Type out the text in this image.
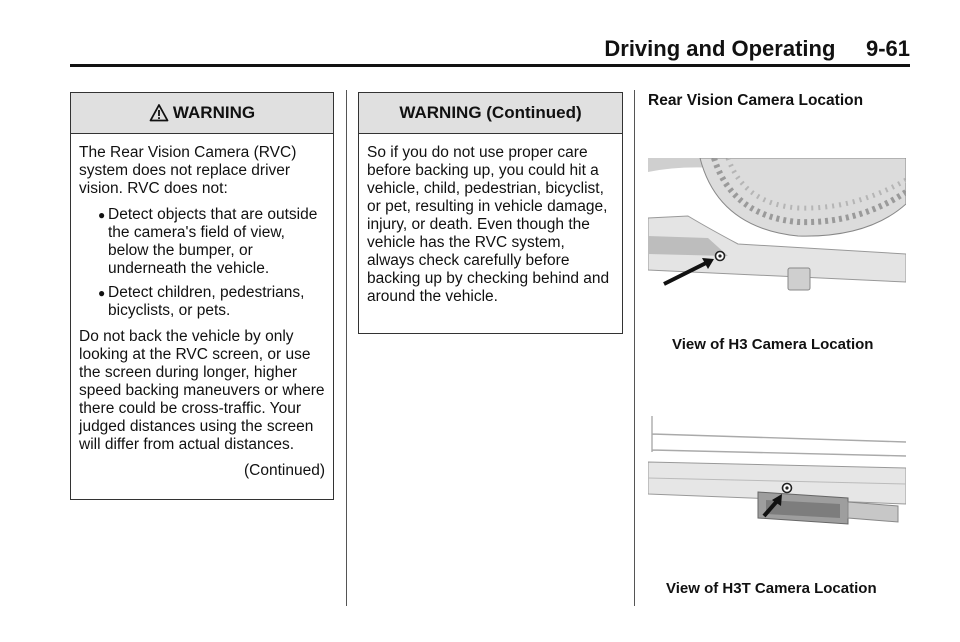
Driving and Operating     9-61
WARNING

The Rear Vision Camera (RVC) system does not replace driver vision. RVC does not:

● Detect objects that are outside the camera's field of view, below the bumper, or underneath the vehicle.
● Detect children, pedestrians, bicyclists, or pets.

Do not back the vehicle by only looking at the RVC screen, or use the screen during longer, higher speed backing maneuvers or where there could be cross-traffic. Your judged distances using the screen will differ from actual distances.

(Continued)
WARNING (Continued)

So if you do not use proper care before backing up, you could hit a vehicle, child, pedestrian, bicyclist, or pet, resulting in vehicle damage, injury, or death. Even though the vehicle has the RVC system, always check carefully before backing up by checking behind and around the vehicle.

Rear Vision Camera Location
View of H3 Camera Location
View of H3T Camera Location
